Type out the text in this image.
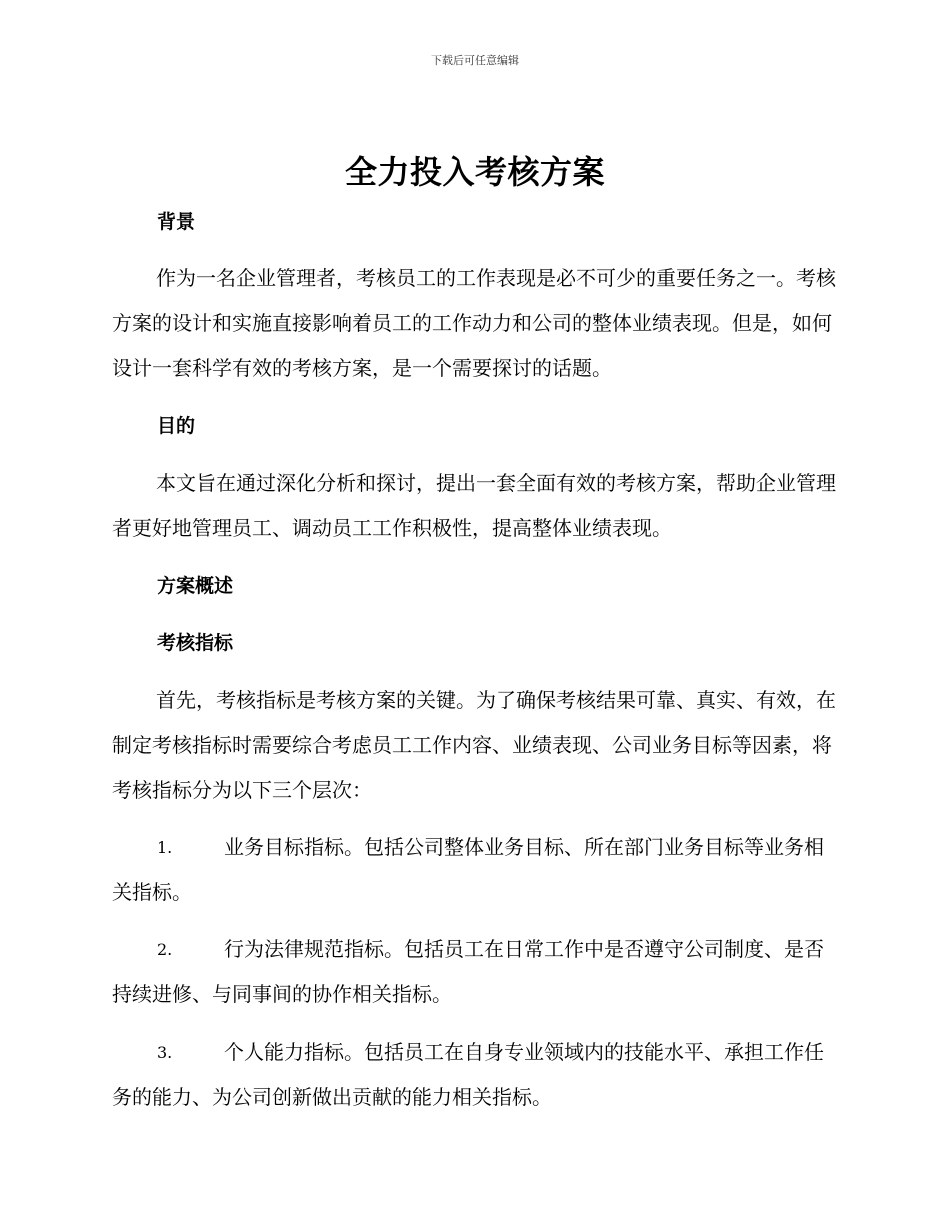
下载后可任意编辑
全力投入考核方案
背景

作为一名企业管理者，考核员工的工作表现是必不可少的重要任务之一。考核方案的设计和实施直接影响着员工的工作动力和公司的整体业绩表现。但是，如何设计一套科学有效的考核方案，是一个需要探讨的话题。

目的

本文旨在通过深化分析和探讨，提出一套全面有效的考核方案，帮助企业管理者更好地管理员工、调动员工工作积极性，提高整体业绩表现。

方案概述
考核指标

首先，考核指标是考核方案的关键。为了确保考核结果可靠、真实、有效，在制定考核指标时需要综合考虑员工工作内容、业绩表现、公司业务目标等因素，将考核指标分为以下三个层次：

1.	业务目标指标。包括公司整体业务目标、所在部门业务目标等业务相关指标。
2.	行为法律规范指标。包括员工在日常工作中是否遵守公司制度、是否持续进修、与同事间的协作相关指标。
3.	个人能力指标。包括员工在自身专业领域内的技能水平、承担工作任务的能力、为公司创新做出贡献的能力相关指标。
